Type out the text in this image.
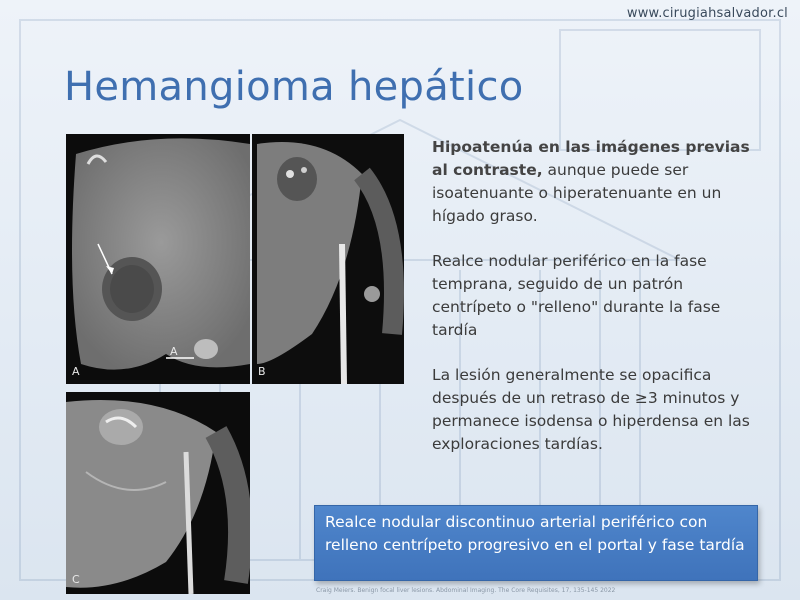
www.cirugiahsalvador.cl
Hemangioma hepático
A
A
B
C

Hipoatenúa en las imágenes previas al contraste, aunque puede ser isoatenuante o hiperatenuante en un hígado graso.

Realce nodular periférico en la fase temprana, seguido de un patrón centrípeto o "relleno" durante la fase tardía

La lesión generalmente se opacifica después de un retraso de ≥3 minutos y permanece isodensa o hiperdensa en las exploraciones tardías.

Realce nodular discontinuo arterial periférico con relleno centrípeto progresivo en el portal y fase tardía
Craig Meiers. Benign focal liver lesions. Abdominal Imaging. The Core Requisites, 17, 135-145 2022
